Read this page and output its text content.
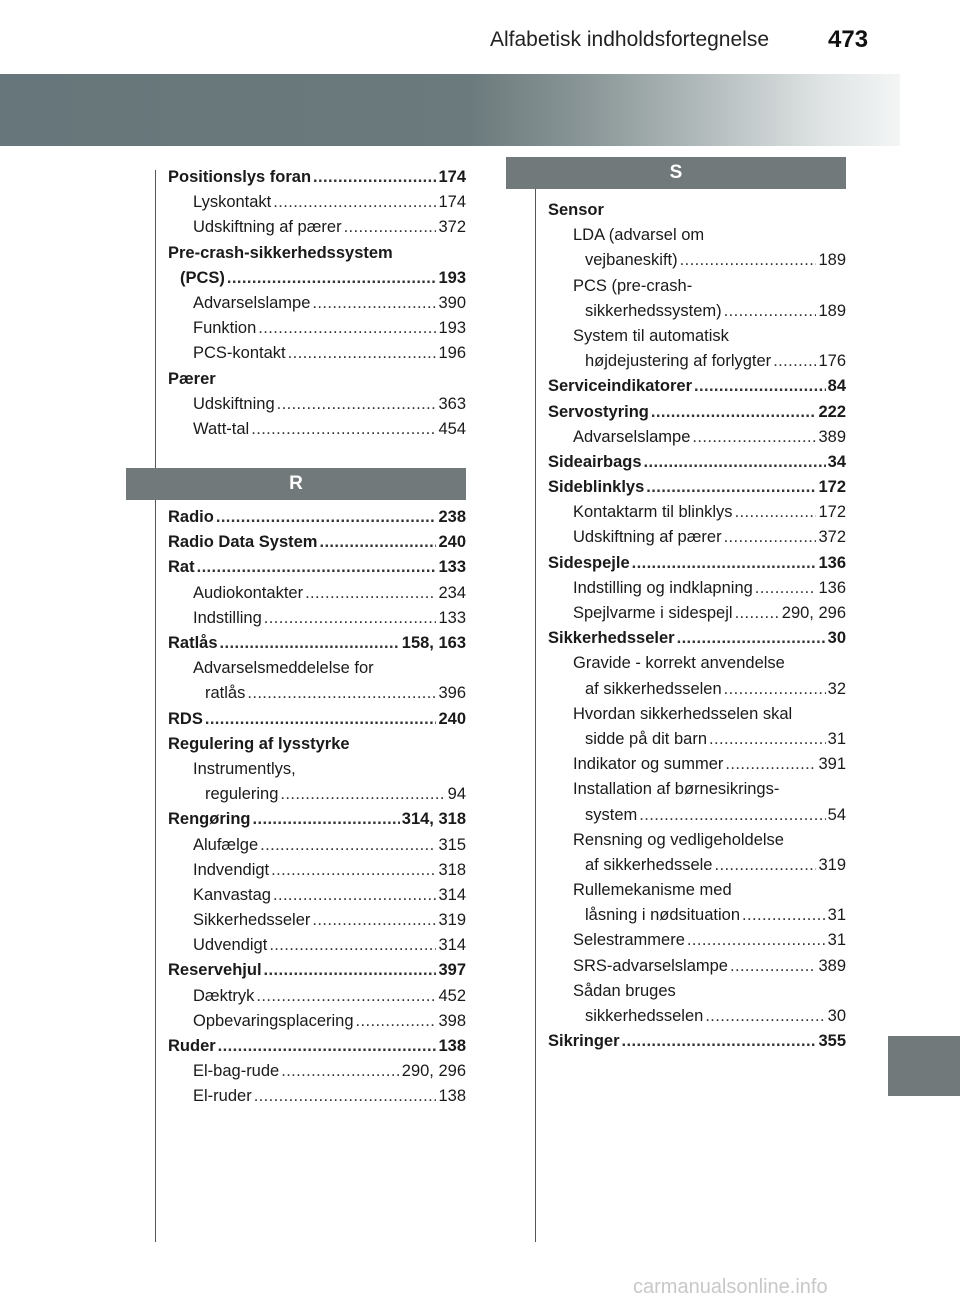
Alfabetisk indholdsfortegnelse 473
Positionslys foran .....	174
Lyskontakt .....	174
Udskiftning af pærer .....	372
Pre-crash-sikkerhedssystem
(PCS) .....	193
Advarselslampe .....	390
Funktion .....	193
PCS-kontakt .....	196
Pærer
Udskiftning .....	363
Watt-tal .....	454
R
Radio .....	238
Radio Data System .....	240
Rat .....	133
Audiokontakter .....	234
Indstilling .....	133
Ratlås .....	158, 163
Advarselsmeddelelse for
ratlås .....	396
RDS .....	240
Regulering af lysstyrke
Instrumentlys,
regulering .....	94
Rengøring .....	314, 318
Alufælge .....	315
Indvendigt .....	318
Kanvastag .....	314
Sikkerhedsseler .....	319
Udvendigt .....	314
Reservehjul .....	397
Dæktryk .....	452
Opbevaringsplacering .....	398
Ruder .....	138
El-bag-rude .....	290, 296
El-ruder .....	138
S
Sensor
LDA (advarsel om
vejbaneskift) .....	189
PCS (pre-crash-
sikkerhedssystem) .....	189
System til automatisk
højdejustering af forlygter .....	176
Serviceindikatorer .....	84
Servostyring .....	222
Advarselslampe .....	389
Sideairbags .....	34
Sideblinklys .....	172
Kontaktarm til blinklys .....	172
Udskiftning af pærer .....	372
Sidespejle .....	136
Indstilling og indklapning .....	136
Spejlvarme i sidespejl .....	290, 296
Sikkerhedsseler .....	30
Gravide - korrekt anvendelse
af sikkerhedsselen .....	32
Hvordan sikkerhedsselen skal
sidde på dit barn .....	31
Indikator og summer .....	391
Installation af børnesikrings-
system .....	54
Rensning og vedligeholdelse
af sikkerhedssele .....	319
Rullemekanisme med
låsning i nødsituation .....	31
Selestrammere .....	31
SRS-advarselslampe .....	389
Sådan bruges
sikkerhedsselen .....	30
Sikringer .....	355
carmanualsonline.info
